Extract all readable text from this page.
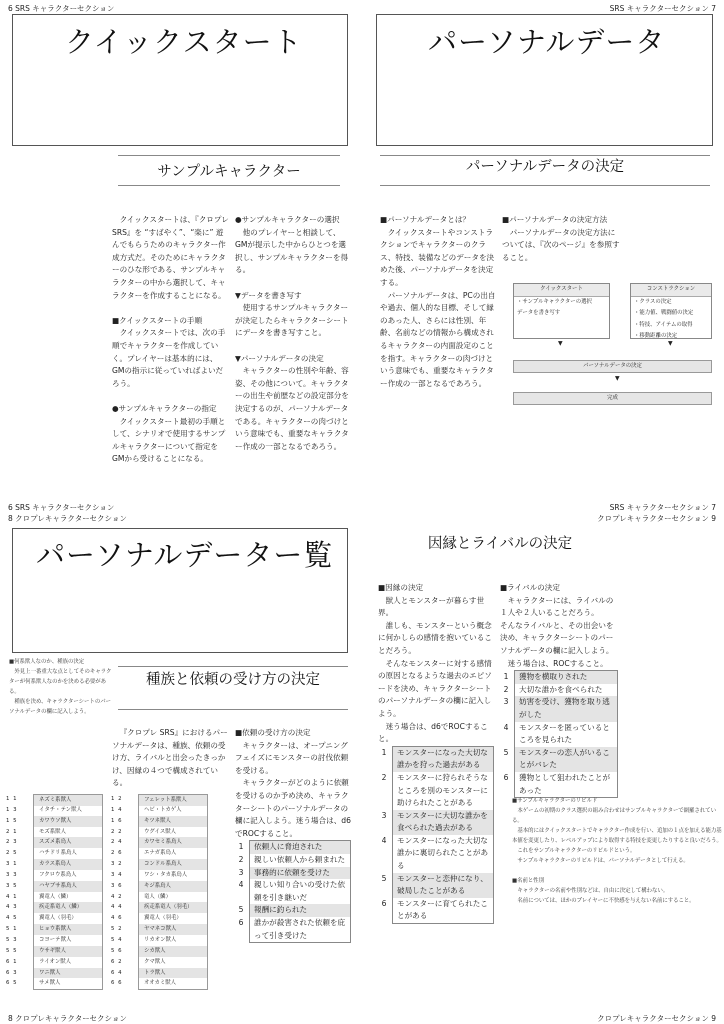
6 SRS キャラクターセクション	SRS キャラクターセクション 7
6 SRS キャラクターセクション
8 クロプレキャラクターセクション
SRS キャラクターセクション 7
クロプレキャラクターセクション 9
8 クロプレキャラクターセクション	クロプレキャラクターセクション 9
クイックスタート
サンプルキャラクター

クイックスタートは、『クロプレ SRS』を “すばやく”、“楽に” 遊んでもらうためのキャラクター作成方式だ。そのためにキャラクターのひな形である、サンプルキャラクターの中から選択して、キャラクターを作成することになる。

■クイックスタートの手順

クイックスタートでは、次の手順でキャラクターを作成していく。プレイヤーは基本的には、GMの指示に従っていればよいだろう。

●サンプルキャラクターの指定

クイックスタート最初の手順として、シナリオで使用するサンプルキャラクターについて指定をGMから受けることになる。

●サンプルキャラクターの選択

他のプレイヤーと相談して、GMが提示した中からひとつを選択し、サンプルキャラクターを得る。

▼データを書き写す

使用するサンプルキャラクターが決定したらキャラクターシートにデータを書き写すこと。

▼パーソナルデータの決定

キャラクターの性別や年齢、容姿、その他について。キャラクターの出生や前歴などの設定部分を決定するのが、パーソナルデータである。キャラクターの肉づけという意味でも、重要なキャラクター作成の一部となるであろう。

パーソナルデータ
パーソナルデータの決定

■パーソナルデータとは？

クイックスタートやコンストラクションでキャラクターのクラス、特技、装備などのデータを決めた後、パーソナルデータを決定する。

パーソナルデータは、PCの出自や過去、個人的な目標、そして縁のあった人、さらには性別、年齢、名前などの情報から構成されるキャラクターの内面設定のことを指す。キャラクターの肉づけという意味でも、重要なキャラクター作成の一部となるであろう。

■パーソナルデータの決定方法

パーソナルデータの決定方法については、『次のページ』を参照すること。

クイックスタート
・サンプルキャラクターの選択
データを書き写す
コンストラクション
・クラスの決定
・能力値、戦闘値の決定
・特技、アイテムの取得
・移動距離の決定
▼	▼
パーソナルデータの決定
▼
完成
パーソナルデーター覧

■何系獣人なのか、種族の決定

外見上一番重大な点としてそのキャラクターが何系獣人なのかを決める必要がある。

種族を決め、キャラクターシートのパーソナルデータの欄に記入しよう。

種族と依頼の受け方の決定

『クロプレ SRS』におけるパーソナルデータは、種族、依頼の受け方、ライバルと出会ったきっかけ、因縁の４つで構成されている。

■依頼の受け方の決定

キャラクターは、オープニングフェイズにモンスターの討伐依頼を受ける。

キャラクターがどのように依頼を受けるのか予め決め、キャラクターシートのパーソナルデータの欄に記入しよう。迷う場合は、d6でROCすること。

1	依頼人に脅迫された
2	親しい依頼人から頼まれた
3	事務的に依頼を受けた
4	親しい知り合いの受けた依頼を引き継いだ
5	報酬に釣られた
6	誰かが殺害された依頼を庇って引き受けた
1 1	ネズミ系獣人
1 3	イタチ・テン獣人
1 5	カワウソ獣人
2 1	モズ系獣人
2 3	スズメ系鳥人
2 5	ハチドリ系鳥人
3 1	カラス系鳥人
3 3	フクロウ系鳥人
3 5	ハヤブサ系鳥人
4 1	翼竜人（鱗）
4 3	疾走系竜人（鱗）
4 5	翼竜人（羽毛）
5 1	ヒョウ系獣人
5 3	コヨーテ獣人
5 5	ウサギ獣人
6 1	ライオン獣人
6 3	ワニ獣人
6 5	サメ獣人
1 2	フェレット系獣人
1 4	ヘビ・トカゲ人
1 6	キツネ獣人
2 2	ウグイス獣人
2 4	カワセミ系鳥人
2 6	エナガ系鳥人
3 2	コンドル系鳥人
3 4	ワシ・タカ系鳥人
3 6	キジ系鳥人
4 2	竜人（鱗）
4 4	疾走系竜人（羽毛）
4 6	翼竜人（羽毛）
5 2	ヤマネコ獣人
5 4	リカオン獣人
5 6	シカ獣人
6 2	クマ獣人
6 4	トラ獣人
6 6	オオカミ獣人
因縁とライバルの決定

■因縁の決定

獣人とモンスターが暮らす世界。

誰しも、モンスターという概念に何かしらの感情を抱いていることだろう。

そんなモンスターに対する感情の原因となるような過去のエピソードを決め、キャラクターシートのパーソナルデータの欄に記入しよう。

迷う場合は、d6でROCすること。

1	モンスターになった大切な誰かを狩った過去がある
2	モンスターに狩られそうなところを別のモンスターに助けられたことがある
3	モンスターに大切な誰かを食べられた過去がある
4	モンスターになった大切な誰かに裏切られたことがある
5	モンスターと恋仲になり、破局したことがある
6	モンスターに育てられたことがある

■ライバルの決定

キャラクターには、ライバルの１人や２人いることだろう。

そんなライバルと、その出会いを決め、キャラクターシートのパーソナルデータの欄に記入しよう。

迷う場合は、ROCすること。

1	獲物を横取りされた
2	大切な誰かを食べられた
3	妨害を受け、獲物を取り逃がした
4	モンスターを匿っているところを見られた
5	モンスターの恋人がいることがバレた
6	獲物として狙われたことがあった

■サンプルキャラクターのリビルド

本ゲームの初期のクラス選択の組み合わせはサンプルキャラクターで網羅されている。

基本的にはクイックスタートでキャラクター作成を行い、追加の１点を加える能力基本値を変更したり、レベルアップにより取得する特技を変更したりすると良いだろう。

これをサンプルキャラクターのリビルドという。

サンプルキャラクターのリビルドは、パーソナルデータとして行える。

■名前と性別

キャラクターの名前や性別などは、自由に決定して構わない。

名前については、ほかのプレイヤーに不快感を与えない名前にすること。
